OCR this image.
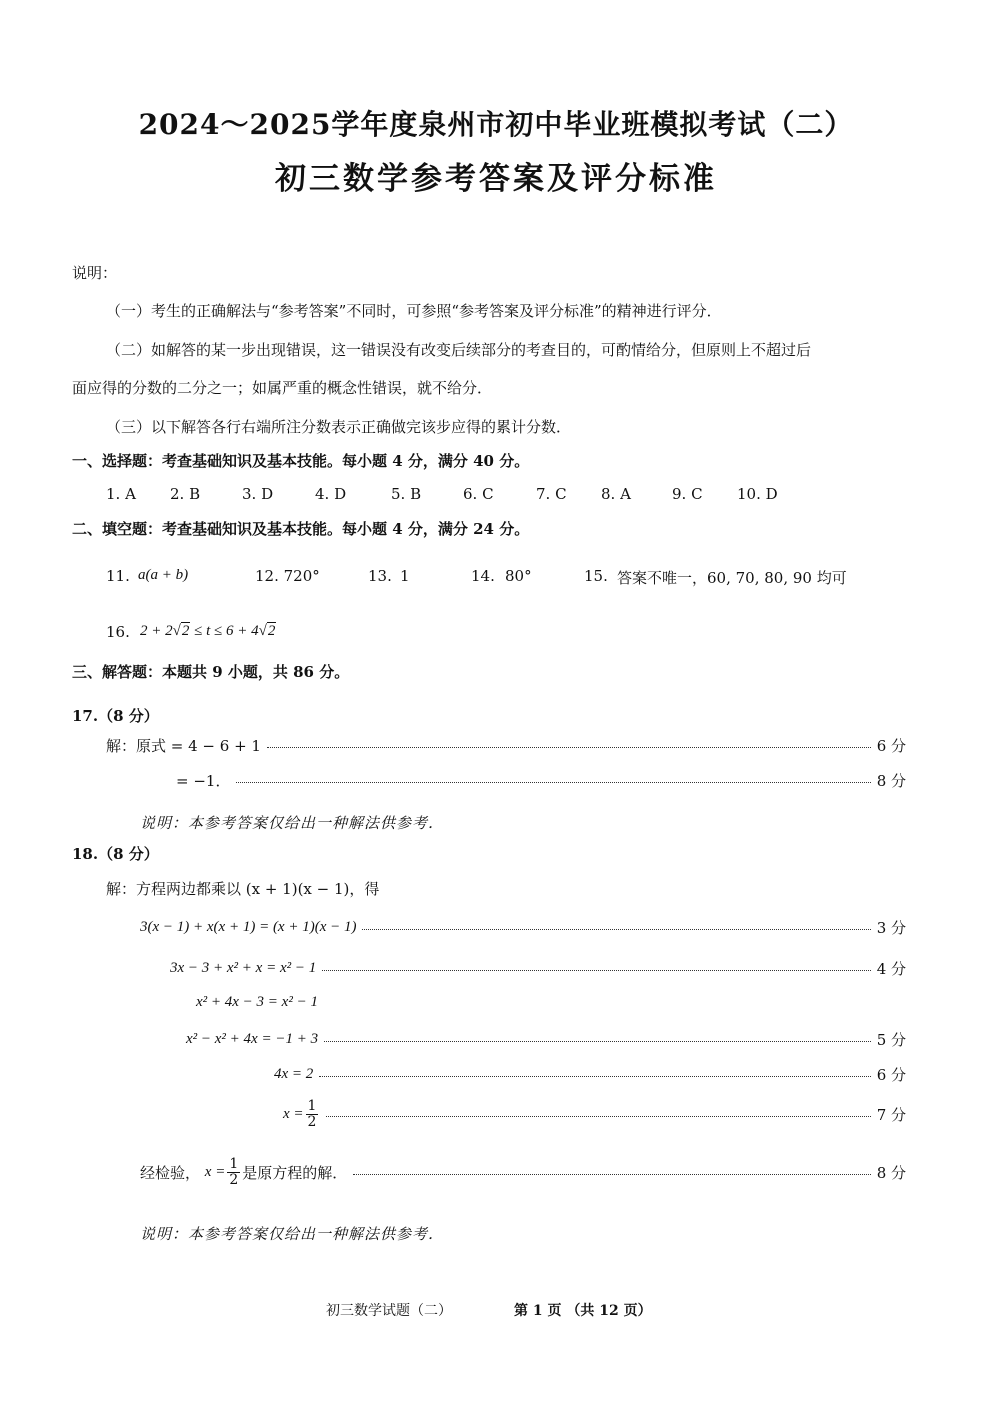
2024～2025学年度泉州市初中毕业班模拟考试（二）
初三数学参考答案及评分标准
说明：
（一）考生的正确解法与“参考答案”不同时，可参照“参考答案及评分标准”的精神进行评分．
（二）如解答的某一步出现错误，这一错误没有改变后续部分的考查目的，可酌情给分，但原则上不超过后
面应得的分数的二分之一；如属严重的概念性错误，就不给分．
（三）以下解答各行右端所注分数表示正确做完该步应得的累计分数．
一、选择题：考查基础知识及基本技能。每小题 4 分，满分 40 分。
1. A 2. B	3. D	4. D	5. B	6. C	7. C 8. A	9. C 10. D
二、填空题：考查基础知识及基本技能。每小题 4 分，满分 24 分。
11. a(a + b)	12. 720°	13. 1	14. 80°	15. 答案不唯一，60, 70, 80, 90 均可
16. 2 + 2√2 ≤ t ≤ 6 + 4√2
三、解答题：本题共 9 小题，共 86 分。
17.（8 分）
解：原式 = 4 − 6 + 1	6 分
= −1．	8 分
说明：本参考答案仅给出一种解法供参考．
18.（8 分）
解：方程两边都乘以 (x + 1)(x − 1)，得
3(x − 1) + x(x + 1) = (x + 1)(x − 1)	3 分
3x − 3 + x² + x = x² − 1	4 分
x² + 4x − 3 = x² − 1
x² − x² + 4x = −1 + 3	5 分
4x = 2	6 分
$x = \frac{1}{2}$	7 分
经检验，
$x = \frac{1}{2}$ 是原方程的解．	8 分
说明：本参考答案仅给出一种解法供参考．
初三数学试题（二）	第 1 页 （共 12 页）
